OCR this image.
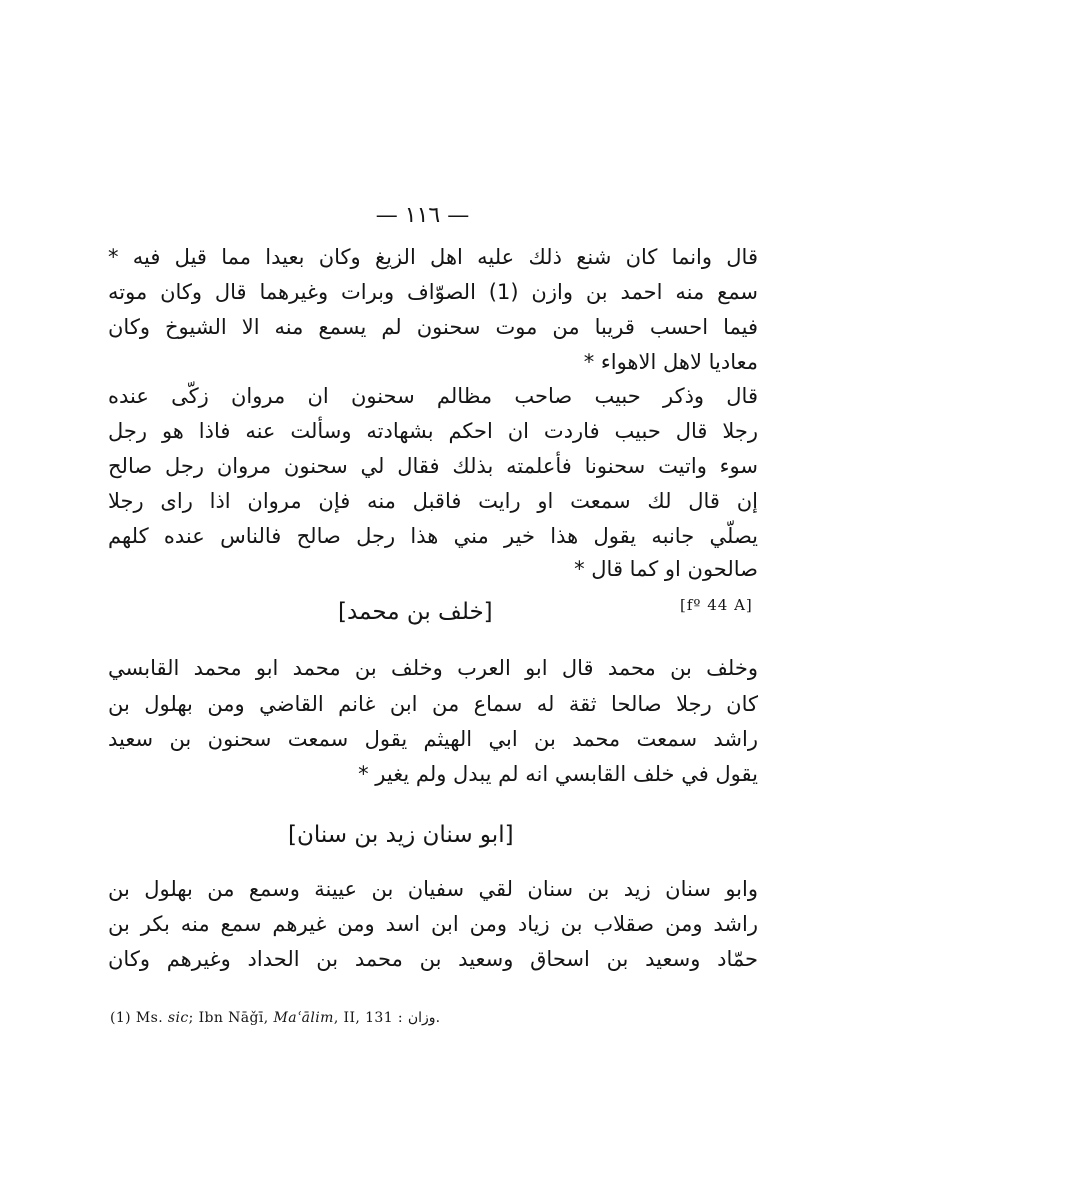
— ١١٦ —
قال وانما كان شنع ذلك عليه اهل الزيغ وكان بعيدا مما قيل فيه *
سمع منه احمد بن وازن (1) الصوّاف وبرات وغيرهما قال وكان موته
فيما احسب قريبا من موت سحنون لم يسمع منه الا الشيوخ وكان
معاديا لاهل الاهواء *
قال وذكر حبيب صاحب مظالم سحنون ان مروان زكّى عنده
رجلا قال حبيب فاردت ان احكم بشهادته وسألت عنه فاذا هو رجل
سوء واتيت سحنونا فأعلمته بذلك فقال لي سحنون مروان رجل صالح
إن قال لك سمعت او رايت فاقبل منه فإن مروان اذا راى رجلا
يصلّي جانبه يقول هذا خير مني هذا رجل صالح فالناس عنده كلهم
صالحون او كما قال *
[خلف بن محمد]	[fº 44 A]
وخلف بن محمد قال ابو العرب وخلف بن محمد ابو محمد القابسي
كان رجلا صالحا ثقة له سماع من ابن غانم القاضي ومن بهلول بن
راشد سمعت محمد بن ابي الهيثم يقول سمعت سحنون بن سعيد
يقول في خلف القابسي انه لم يبدل ولم يغير *
[ابو سنان زيد بن سنان]
وابو سنان زيد بن سنان لقي سفيان بن عيينة وسمع من بهلول بن
راشد ومن صقلاب بن زياد ومن ابن اسد ومن غيرهم سمع منه بكر بن
حمّاد وسعيد بن اسحاق وسعيد بن محمد بن الحداد وغيرهم وكان
(1) Ms. sic; Ibn Nāǧī, Maʿālim, II, 131 : وزان.
